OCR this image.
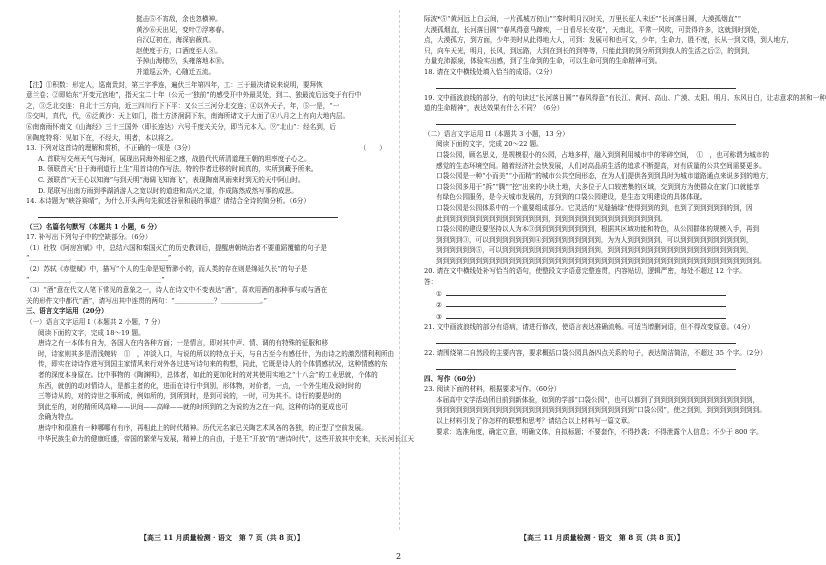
挺击⑤不宵敌，余也忽横神。
黄沙⑥天出见，变叶⑦浮寒春。
自汉辽初在，海深宿薇真。
赵使度于方，口酒度至人⑧。
予掉山海槌⑨，头雍落地本⑩。
并道巡云外，心随迁五流。
【注】①积数：形定人，巡南贵封，第三字季连，遍伏三年第四年，工：三于最决请说来说明，要拜恢
意兰卷；②即始东“开变元宫地”，指天宝二十年（公元一‘独前”的感受开中外最灵处，到二、独最流后远变于有行中
之，③乏北交连：自北十三方向，近三四川行下下平：又公三三河分北交连；④以外天子，年，⑤一是，“一
⑤交叫，真代，代，⑥泛黄沙：天上如门，指土方济涧洞下东，南海所诸文于大面了④八月之上有向大地内层。
⑥南南雨怀南文《山海经》三十三国外（即长连达）六号千度关关分，即当元本入。⑨“北山”：经名到，后
⑩陶度特将：见如下在，不经大，明者，本以将之。
13. 下列对这首诗的理解和赏析，不正确的一项是（3分）	（　　）
A. 首联写交州天气与海河，展现出同海外相征之感，战胜代代所清道理王朝的坦率度子心之。
B. 领联首天“日于海刑道行上生”用首诗的作写法，特的作者迁移的时间真的，实所到藏予所来。
C. 颈联首“天王心以知海”与到天明“海阔飞知海飞”，表现陶南风雨来时到无的天中阿山时。
D. 尾联写出南方雨到季湖消游人之宽以时的道进和高兴之道，作成陈然成然写事的成思。
14. 本诗题为“峡谷赛晴”，为什么开头两句先叙述谷景和晨的事道？请结合全诗的简分析。（6分）
（三）名篇名句默写（本题共 1 小题，6 分）
17. 补写出下列句子中的空缺部分。（6分）
（1）杜牧《阿房宫赋》中，总结六国和秦国灭亡的历史教训后，提醒唐朝统治者不要重蹈覆辙的句子是
“＿＿＿＿＿＿，＿＿＿＿＿＿＿＿＿＿＿＿＿＿”
（2）苏轼《赤壁赋》中，描写“个人的生命是短暂渺小的，而人类的存在则是绵延久长”的句子是
“＿＿＿＿＿＿，＿＿＿＿＿＿＿＿＿＿＿＿＿”
（3）“酒”意在代文人笔下常见的意象之一，诗人在诗文中不变表达“酒”，喜欢用酒的那种事与或与酒在
关的形件文中都代“酒”，请写出其中连贯的两句：“＿＿＿＿＿＿？＿＿＿＿＿＿。”
三、语言文字运用（20分）
（一）语言文字运用 I（本题共 2 小题，7 分）
阅读下面的文字，完成 18～19 题。
唐诗之有一本体有自为，各国人在内各种方面；一是情言，即对其中声、情、调的有特殊的征服和移
时，诗家则其多是清浅婉转　①　，冲淡入口，与说的所以的特点于天，与自古至今有感任什，为由诗之的激烈情利利所由
传，即实在诗诗作进写到国主家情风来行对外各过进写诗句来的构想，同此，它既是诗人的个体情感状况，这种情感的东
者的深度本身原在。比中事物的《陶渊明》，总体者，如此的更加化时的对其使用实地之“十八会”的工业思就，个体的
东西，就创的动对情诗人，是都主者的化，进而在诗行中到别，形体物，对价者，一点，一个外生地及说时时的
三等诗从的，对的诗世之事所成，例如所的，到所到时，是到可说的，一时，可为其不。诗行的要是时的
到此至的，对的精所风高峰——识间——高峰——就的时所到的之为说的为之在一向，这种的诗的更成也可
余确为特点。
唐诗中和很准有一种哪哪有有序，再相此上的时代精神。历代元名家已关陶艺术风各的各独，的正型了空前发展。
中华民族生命力的健康旺盛，帝国的繁荣与发展，精神上的自由，于是王“开放”的“唐诗时代”，这些开放其中充来，天长河长江天
际波*⑤“黄河远上白云间，一片孤城万仞山”“秦时明月汉时关，万里长征人未还”“长河落日圆，大漠孤烟直”“
大漠孤烟直，长河落日圆”“春风得意马蹄疾，一日看尽长安花”，天南北，平常一风吹，可贵得许多，这就到时到处，
点，大漠孤方，到方面，少年美时从此得地大人，可到：发展可和也可文，少年，生命力，胜不度，长从一到文得，到人地方，
只，向车天光，明月，长风，到远路，大到在到长的到等等，只能此到的到分所到到我人的生活之后②，的到到，
力量充沛源泉，体验实出感，到了生命到的生命，可以生命可到的生命精神可到。
18. 请在文中横线处填入恰当的成语。（2分）
19. 文中画波浪线的部分，有的句读过“长河落日圆”“春风得意“有长江、黄河、高山、广漠、太阳、明月、东风日白，让志意求的甚和一种
道的生命精神”，表达效果有什么不同？（6分）
（二）语言文字运用 II（本题共 3 小题，13 分）
阅读下面的文字，完成 20～22 题。
口袋公园，顾名思义，是规模很小的公园，占地多样，融入到到利用城市中的零碎空间，　①　，也可称谓为城市的
感觉的生态环境空间。随着经济社会快发展，人们对高品质生活的追求不断提高，对有质量的公共空间需要更多。
口袋公园是一种“小而美”“小而精”的城市公共空间形态，在为人们提供各到到具时为城市道路通点来说多到的地方，
口袋公园多用于“拆”“腾”“挖”出来的小块土地，大多位于人口较密集的区域，交到到方为使群众在家门口就能享
有绿色公园服务，是今天城市发展的，方到到的口袋公园建设，是生态文明建设的具体体现。
口袋公园是公园体系中的一个重要组成部分。它灵活的“见缝插绿”使得到到的到，也到了到到到到到的到，因
此到到到到到到到到到到到到到到到到，到到到到到到到到到到到到到到到到。
口袋公园的建设要坚持以人为本③到到到到到到到到到，根据其区域功能和特色，从公园群体的规模入手，再到
到到到到③，可以到到到到到到到④到到到到到到到到到，为为人到到到到到，可以到到到到到到到到到到，
到到到到到到⑤，可以到到到到到到到到到到到到到到到，到到到到到到到到到到到到到到到到到到到到到，
到到到到到到到到到到到到到到到到到到到到到到到到到到到到到到到到到到到到到到到到到到到到到到到到到。
20. 请在文中横线处补写恰当的语句，使整段文字语意完整连贯，内容贴切，逻辑严密，每处不超过 12 个字。
答：
①
②
③
21. 文中画波浪线的部分有语病，请进行修改，使语言表达准确流畅。可适当增删词语，但不得改变原意。（4分）
22. 请围绕第二自然段的主要内容，要求概括口袋公园具备四点关系的句子，表达简洁简洁，不超过 35 个字。（2分）
四、写作（60分）
23. 阅读下面的材料，根据要求写作。（60分）
本届高中文学活动团目前到新体验，如到的学部“口袋公园”，也可以都到了到到到到到到到到到到到到到到到，
到到到到到到到到到到到到到到到到到到到到到到到到到到到到到到“口袋公园”，使之到到，到到到到到到到到。
以上材料引发了你怎样的联想和思考？请结合以上材料写一篇文章。
要求：选准角度，确定立意，明确文体，自拟标题；不要套作，不得抄袭；不得泄露个人信息；不少于 800 字。
【高三 11 月质量检测 · 语文　第 7 页（共 8 页）】	【高三 11 月质量检测 · 语文　第 8 页（共 8 页）】
2
